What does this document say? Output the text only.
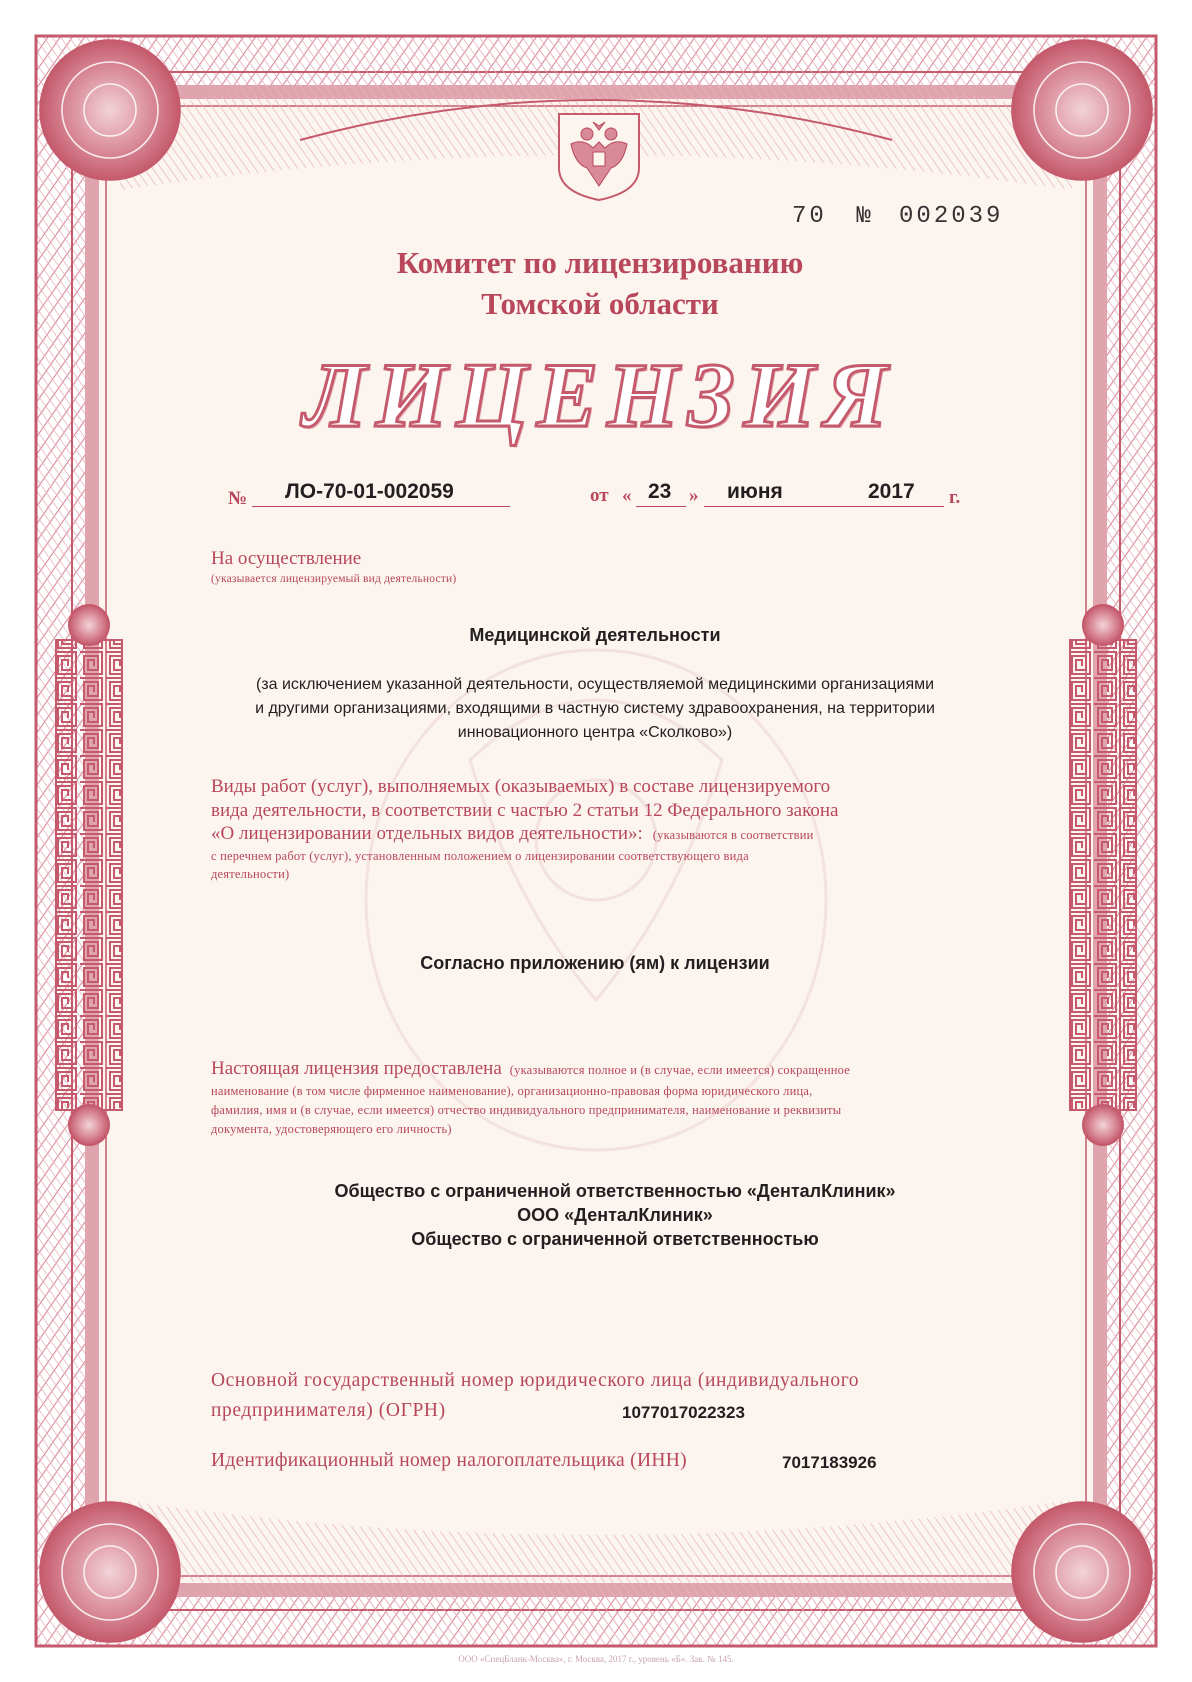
70 № 002039
Комитет по лицензированию
Томской области
ЛИЦЕНЗИЯ
№ ЛО-70-01-002059	от « 23 » июня	2017 г.
На осуществление
(указывается лицензируемый вид деятельности)
Медицинской деятельности
(за исключением указанной деятельности, осуществляемой медицинскими организациями
и другими организациями, входящими в частную систему здравоохранения, на территории
инновационного центра «Сколково»)
Виды работ (услуг), выполняемых (оказываемых) в составе лицензируемого
вида деятельности, в соответствии с частью 2 статьи 12 Федерального закона
«О лицензировании отдельных видов деятельности»: (указываются в соответствии
с перечнем работ (услуг), установленным положением о лицензировании соответствующего вида
деятельности)
Согласно приложению (ям) к лицензии
Настоящая лицензия предоставлена (указываются полное и (в случае, если имеется) сокращенное
наименование (в том числе фирменное наименование), организационно-правовая форма юридического лица,
фамилия, имя и (в случае, если имеется) отчество индивидуального предпринимателя, наименование и реквизиты
документа, удостоверяющего его личность)
Общество с ограниченной ответственностью «ДенталКлиник»
ООО «ДенталКлиник»
Общество с ограниченной ответственностью
Основной государственный номер юридического лица (индивидуального
предпринимателя) (ОГРН)	1077017022323
Идентификационный номер налогоплательщика (ИНН)	7017183926
ООО «СпецБланк-Москва», г. Москва, 2017 г., уровень «Б». Зак. № 145.
